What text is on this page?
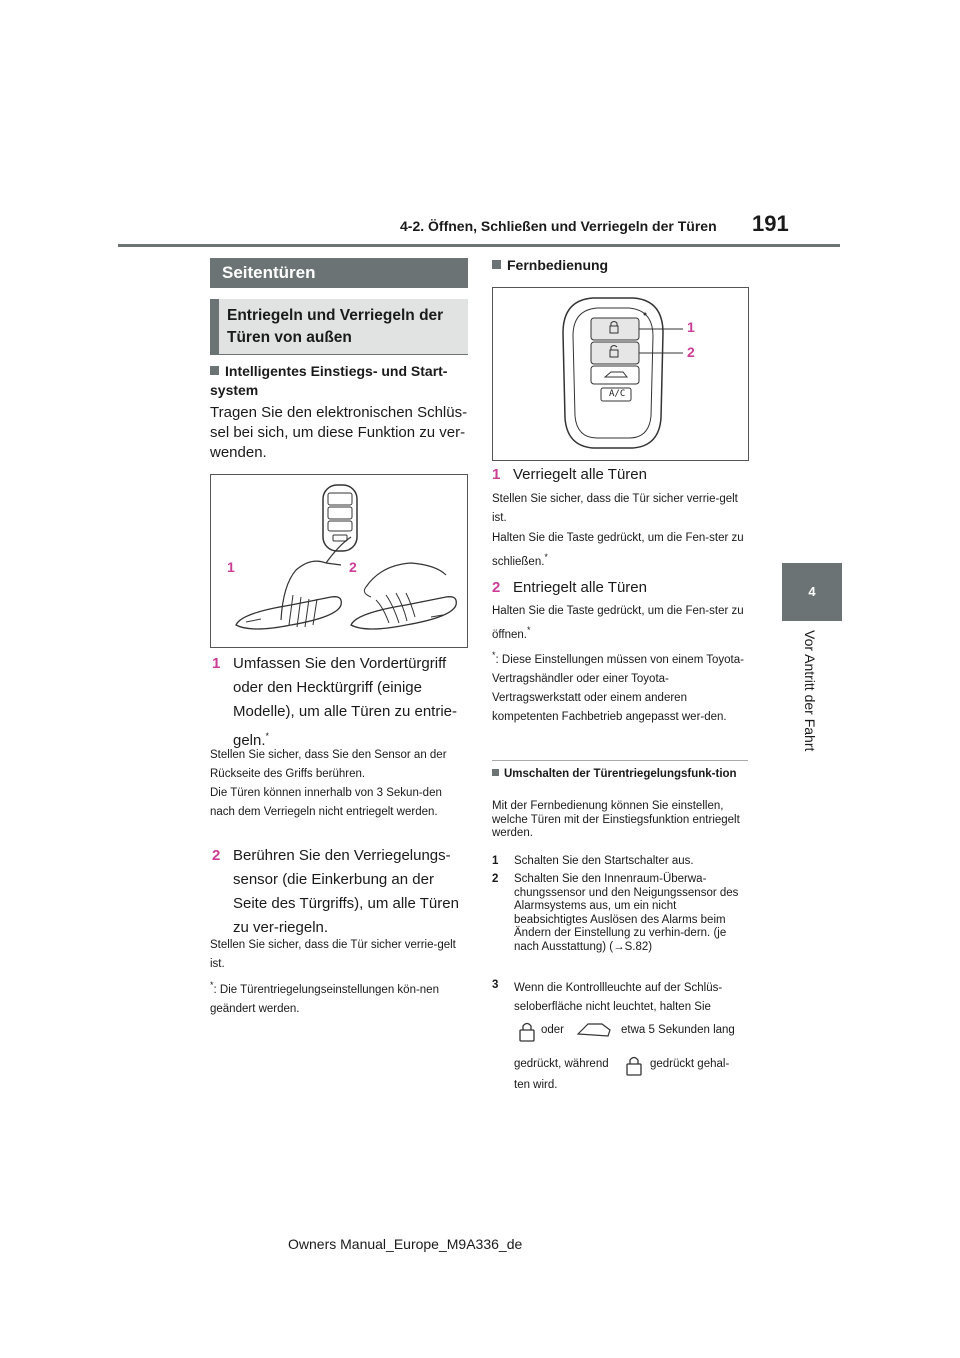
4-2. Öffnen, Schließen und Verriegeln der Türen 191
4
Vor Antritt der Fahrt
Seitentüren
Entriegeln und Verriegeln der Türen von außen
Intelligentes Einstiegs- und Start-system
Tragen Sie den elektronischen Schlüs-sel bei sich, um diese Funktion zu ver-wenden.
1	2
1 Umfassen Sie den Vordertürgriff oder den Hecktürgriff (einige Modelle), um alle Türen zu entrie-geln.*
Stellen Sie sicher, dass Sie den Sensor an der Rückseite des Griffs berühren.
Die Türen können innerhalb von 3 Sekun-den nach dem Verriegeln nicht entriegelt werden.
2 Berühren Sie den Verriegelungs-sensor (die Einkerbung an der Seite des Türgriffs), um alle Türen zu ver-riegeln.
Stellen Sie sicher, dass die Tür sicher verrie-gelt ist.
*: Die Türentriegelungseinstellungen kön-nen geändert werden.
Fernbedienung
A/C
1
2
1 Verriegelt alle Türen
Stellen Sie sicher, dass die Tür sicher verrie-gelt ist.
Halten Sie die Taste gedrückt, um die Fen-ster zu schließen.*
2 Entriegelt alle Türen
Halten Sie die Taste gedrückt, um die Fen-ster zu öffnen.*
*: Diese Einstellungen müssen von einem Toyota-Vertragshändler oder einer Toyota-Vertragswerkstatt oder einem anderen kompetenten Fachbetrieb angepasst wer-den.
Umschalten der Türentriegelungsfunk-tion
Mit der Fernbedienung können Sie einstellen, welche Türen mit der Einstiegsfunktion entriegelt werden.
1 Schalten Sie den Startschalter aus.
2 Schalten Sie den Innenraum-Überwa-chungssensor und den Neigungssensor des Alarmsystems aus, um ein nicht beabsichtigtes Auslösen des Alarms beim Ändern der Einstellung zu verhin-dern. (je nach Ausstattung) (→S.82)
3 Wenn die Kontrollleuchte auf der Schlüs-seloberfläche nicht leuchtet, halten Sie
oder	etwa 5 Sekunden lang
gedrückt, während	gedrückt gehal-
ten wird.
Owners Manual_Europe_M9A336_de
